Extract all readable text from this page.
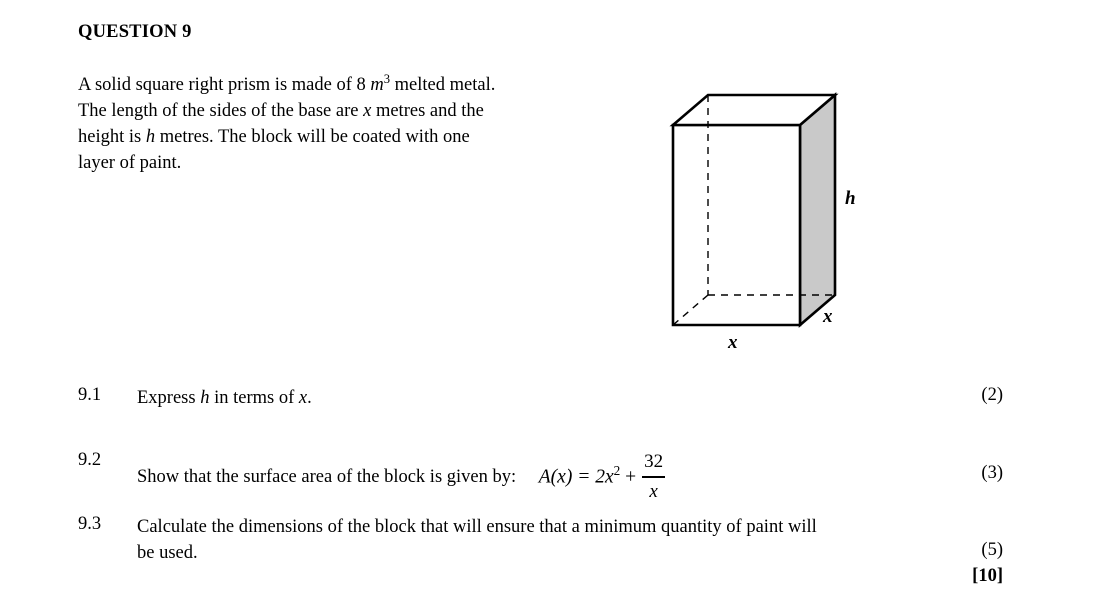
QUESTION 9
A solid square right prism is made of 8 $m^3$ melted metal.
The length of the sides of the base are x metres and the
height is h metres. The block will be coated with one
layer of paint.
h
x
x
9.1 Express h in terms of x.	(2)
9.2
Show that the surface area of the block is given by: $A(x) = 2x^2 + \frac{32}{x}$	(3)
9.3 Calculate the dimensions of the block that will ensure that a minimum quantity of paint will
be used.	(5)
[10]
